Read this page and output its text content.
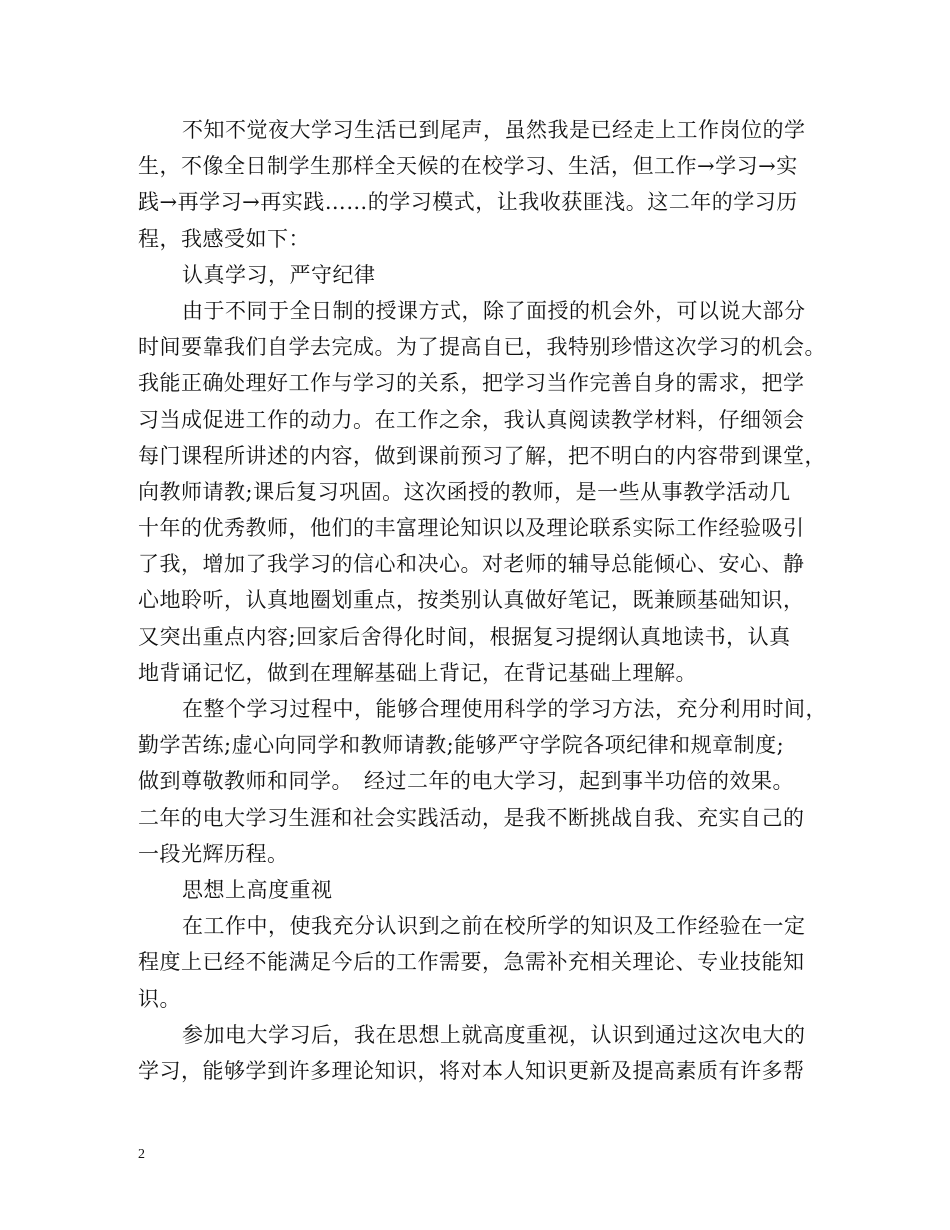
不知不觉夜大学习生活已到尾声，虽然我是已经走上工作岗位的学
生，不像全日制学生那样全天候的在校学习、生活，但工作→学习→实
践→再学习→再实践……的学习模式，让我收获匪浅。这二年的学习历
程，我感受如下：
认真学习，严守纪律
由于不同于全日制的授课方式，除了面授的机会外，可以说大部分
时间要靠我们自学去完成。为了提高自已，我特别珍惜这次学习的机会。
我能正确处理好工作与学习的关系，把学习当作完善自身的需求，把学
习当成促进工作的动力。在工作之余，我认真阅读教学材料，仔细领会
每门课程所讲述的内容，做到课前预习了解，把不明白的内容带到课堂，
向教师请教;课后复习巩固。这次函授的教师，是一些从事教学活动几
十年的优秀教师，他们的丰富理论知识以及理论联系实际工作经验吸引
了我，增加了我学习的信心和决心。对老师的辅导总能倾心、安心、静
心地聆听，认真地圈划重点，按类别认真做好笔记，既兼顾基础知识，
又突出重点内容;回家后舍得化时间，根据复习提纲认真地读书，认真
地背诵记忆，做到在理解基础上背记，在背记基础上理解。
在整个学习过程中，能够合理使用科学的学习方法，充分利用时间，
勤学苦练;虚心向同学和教师请教;能够严守学院各项纪律和规章制度;
做到尊敬教师和同学。　经过二年的电大学习，起到事半功倍的效果。
二年的电大学习生涯和社会实践活动，是我不断挑战自我、充实自己的
一段光辉历程。
思想上高度重视
在工作中，使我充分认识到之前在校所学的知识及工作经验在一定
程度上已经不能满足今后的工作需要，急需补充相关理论、专业技能知
识。
参加电大学习后，我在思想上就高度重视，认识到通过这次电大的
学习，能够学到许多理论知识，将对本人知识更新及提高素质有许多帮
2
